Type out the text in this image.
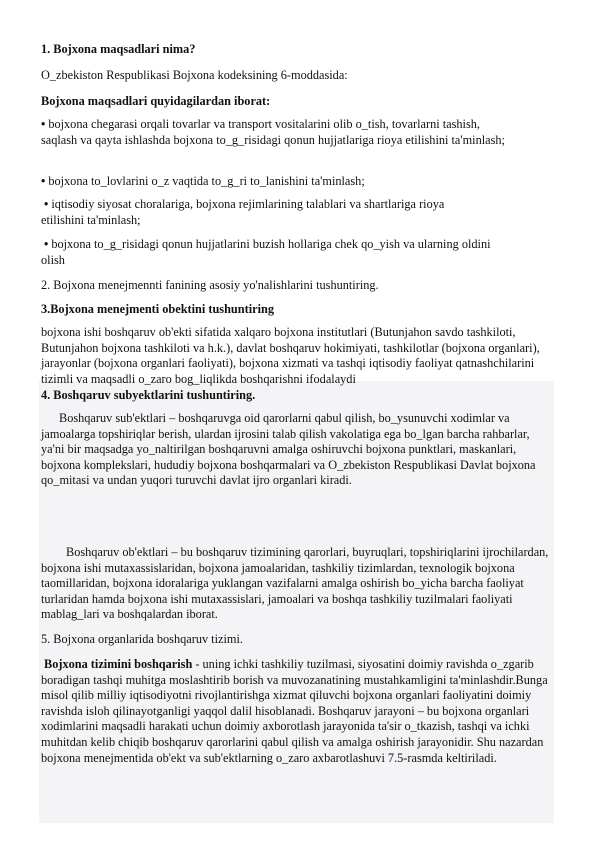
1. Bojxona maqsadlari nima?

O_zbekiston Respublikasi Bojxona kodeksining 6-moddasida:

Bojxona maqsadlari quyidagilardan iborat:

• bojxona chegarasi orqali tovarlar va transport vositalarini olib o_tish, tovarlarni tashish, saqlash va qayta ishlashda bojxona to_g_risidagi qonun hujjatlariga rioya etilishini ta'minlash;

• bojxona to_lovlarini o_z vaqtida to_g_ri to_lanishini ta'minlash;

• iqtisodiy siyosat choralariga, bojxona rejimlarining talablari va shartlariga rioya etilishini ta'minlash;

• bojxona to_g_risidagi qonun hujjatlarini buzish hollariga chek qo_yish va ularning oldini olish

2. Bojxona menejmennti fanining asosiy yo'nalishlarini tushuntiring.

3.Bojxona menejmenti obektini tushuntiring

bojxona ishi boshqaruv ob'ekti sifatida xalqaro bojxona institutlari (Butunjahon savdo tashkiloti, Butunjahon bojxona tashkiloti va h.k.), davlat boshqaruv hokimiyati, tashkilotlar (bojxona organlari), jarayonlar (bojxona organlari faoliyati), bojxona xizmati va tashqi iqtisodiy faoliyat qatnashchilarini tizimli va maqsadli o_zaro bog_liqlikda boshqarishni ifodalaydi

4. Boshqaruv subyektlarini tushuntiring.

Boshqaruv sub'ektlari – boshqaruvga oid qarorlarni qabul qilish, bo_ysunuvchi xodimlar va jamoalarga topshiriqlar berish, ulardan ijrosini talab qilish vakolatiga ega bo_lgan barcha rahbarlar, ya'ni bir maqsadga yo_naltirilgan boshqaruvni amalga oshiruvchi bojxona punktlari, maskanlari, bojxona komplekslari, hududiy bojxona boshqarmalari va O_zbekiston Respublikasi Davlat bojxona qo_mitasi va undan yuqori turuvchi davlat ijro organlari kiradi.

Boshqaruv ob'ektlari – bu boshqaruv tizimining qarorlari, buyruqlari, topshiriqlarini ijrochilardan, bojxona ishi mutaxassislaridan, bojxona jamoalaridan, tashkiliy tizimlardan, texnologik bojxona taomillaridan, bojxona idoralariga yuklangan vazifalarni amalga oshirish bo_yicha barcha faoliyat turlaridan hamda bojxona ishi mutaxassislari, jamoalari va boshqa tashkiliy tuzilmalari faoliyati mablag_lari va boshqalardan iborat.

5. Bojxona organlarida boshqaruv tizimi.

Bojxona tizimini boshqarish - uning ichki tashkiliy tuzilmasi, siyosatini doimiy ravishda o_zgarib boradigan tashqi muhitga moslashtirib borish va muvozanatining mustahkamligini ta'minlashdir.Bunga misol qilib milliy iqtisodiyotni rivojlantirishga xizmat qiluvchi bojxona organlari faoliyatini doimiy ravishda isloh qilinayotganligi yaqqol dalil hisoblanadi. Boshqaruv jarayoni – bu bojxona organlari xodimlarini maqsadli harakati uchun doimiy axborotlash jarayonida ta'sir o_tkazish, tashqi va ichki muhitdan kelib chiqib boshqaruv qarorlarini qabul qilish va amalga oshirish jarayonidir. Shu nazardan bojxona menejmentida ob'ekt va sub'ektlarning o_zaro axbarotlashuvi 7.5-rasmda keltiriladi.
